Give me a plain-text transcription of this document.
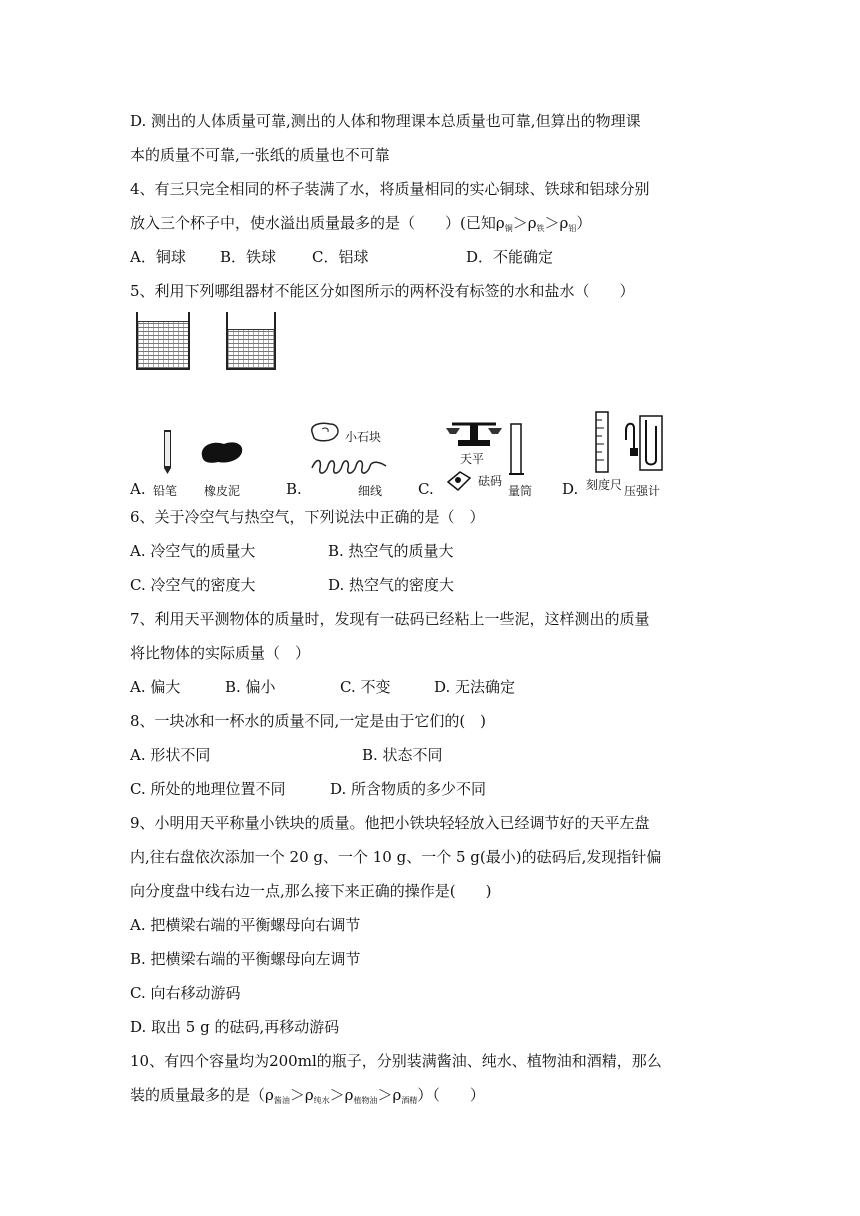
D. 测出的人体质量可靠,测出的人体和物理课本总质量也可靠,但算出的物理课
本的质量不可靠,一张纸的质量也不可靠
4、有三只完全相同的杯子装满了水，将质量相同的实心铜球、铁球和铝球分别
放入三个杯子中，使水溢出质量最多的是（　　）(已知$\rho_铜>\rho_铁>\rho_铝$）
A．铜球 B．铁球 C．铝球	D．不能确定
5、利用下列哪组器材不能区分如图所示的两杯没有标签的水和盐水（　　）
A. 铅笔 橡皮泥	B.
小石块
细线 C.
天平
砝码
量筒 D. 刻度尺 压强计
6、关于冷空气与热空气，下列说法中正确的是（　）
A. 冷空气的质量大	B. 热空气的质量大
C. 冷空气的密度大	D. 热空气的密度大
7、利用天平测物体的质量时，发现有一砝码已经粘上一些泥，这样测出的质量
将比物体的实际质量（　）
A. 偏大	B. 偏小	C. 不变	D. 无法确定
8、一块冰和一杯水的质量不同,一定是由于它们的(　)
A. 形状不同	B. 状态不同
C. 所处的地理位置不同	D. 所含物质的多少不同
9、小明用天平称量小铁块的质量。他把小铁块轻轻放入已经调节好的天平左盘
内,往右盘依次添加一个 20 g、一个 10 g、一个 5 g(最小)的砝码后,发现指针偏
向分度盘中线右边一点,那么接下来正确的操作是(　　)
A. 把横梁右端的平衡螺母向右调节
B. 把横梁右端的平衡螺母向左调节
C. 向右移动游码
D. 取出 5 g 的砝码,再移动游码
10、有四个容量均为200ml的瓶子，分别装满酱油、纯水、植物油和酒精，那么
装的质量最多的是$(\rho_{酱油}>\rho_{纯水}>\rho_{植物油}>\rho_{酒精})$（　　）
